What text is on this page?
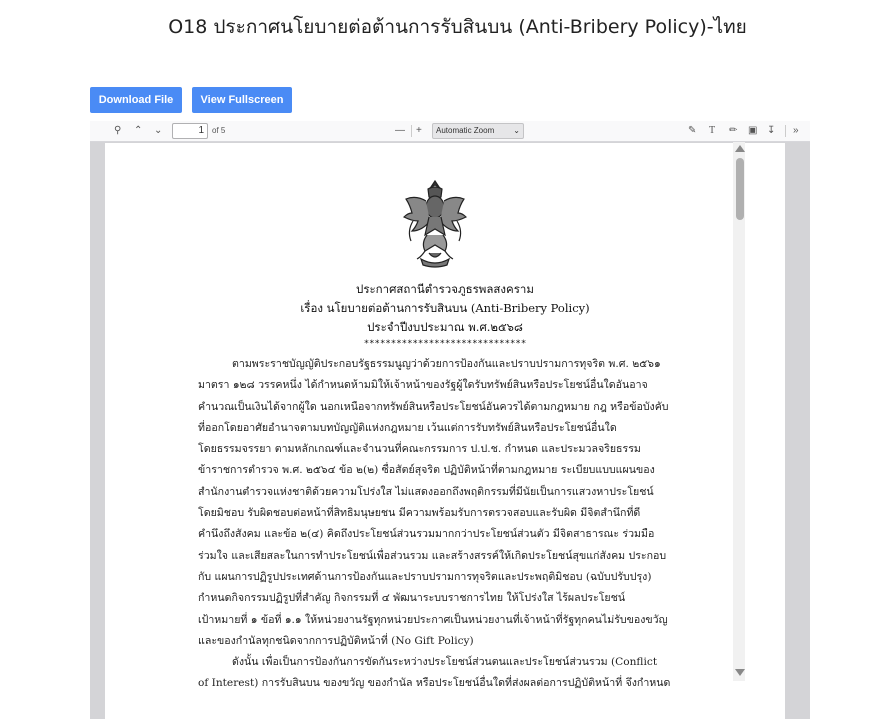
O18 ประกาศนโยบายต่อต้านการรับสินบน (Anti-Bribery Policy)-ไทย
Download File	View Fullscreen
⚲ ⌃ ⌄	1	of 5	— +	Automatic Zoom ⌄	✎ T ✏ ▣ ↧ »
ประกาศสถานีตำรวจภูธรพลสงคราม
เรื่อง นโยบายต่อต้านการรับสินบน (Anti-Bribery Policy)
ประจำปีงบประมาณ พ.ศ.๒๕๖๘
******************************
ตามพระราชบัญญัติประกอบรัฐธรรมนูญว่าด้วยการป้องกันและปราบปรามการทุจริต พ.ศ. ๒๕๖๑
มาตรา ๑๒๘ วรรคหนึ่ง ได้กำหนดห้ามมิให้เจ้าหน้าของรัฐผู้ใดรับทรัพย์สินหรือประโยชน์อื่นใดอันอาจ
คำนวณเป็นเงินได้จากผู้ใด นอกเหนือจากทรัพย์สินหรือประโยชน์อันควรได้ตามกฎหมาย กฎ หรือข้อบังคับ
ที่ออกโดยอาศัยอำนาจตามบทบัญญัติแห่งกฎหมาย เว้นแต่การรับทรัพย์สินหรือประโยชน์อื่นใด
โดยธรรมจรรยา ตามหลักเกณฑ์และจำนวนที่คณะกรรมการ ป.ป.ช. กำหนด และประมวลจริยธรรม
ข้าราชการตำรวจ พ.ศ. ๒๕๖๔ ข้อ ๒(๒) ซื่อสัตย์สุจริต ปฏิบัติหน้าที่ตามกฎหมาย ระเบียบแบบแผนของ
สำนักงานตำรวจแห่งชาติด้วยความโปร่งใส ไม่แสดงออกถึงพฤติกรรมที่มีนัยเป็นการแสวงหาประโยชน์
โดยมิชอบ รับผิดชอบต่อหน้าที่สิทธิมนุษยชน มีความพร้อมรับการตรวจสอบและรับผิด มีจิตสำนึกที่ดี
คำนึงถึงสังคม และข้อ ๒(๔) คิดถึงประโยชน์ส่วนรวมมากกว่าประโยชน์ส่วนตัว มีจิตสาธารณะ ร่วมมือ
ร่วมใจ และเสียสละในการทำประโยชน์เพื่อส่วนรวม และสร้างสรรค์ให้เกิดประโยชน์สุขแก่สังคม ประกอบ
กับ แผนการปฏิรูปประเทศด้านการป้องกันและปราบปรามการทุจริตและประพฤติมิชอบ (ฉบับปรับปรุง)
กำหนดกิจกรรมปฏิรูปที่สำคัญ กิจกรรมที่ ๔ พัฒนาระบบราชการไทย ให้โปร่งใส ไร้ผลประโยชน์
เป้าหมายที่ ๑ ข้อที่ ๑.๑ ให้หน่วยงานรัฐทุกหน่วยประกาศเป็นหน่วยงานที่เจ้าหน้าที่รัฐทุกคนไม่รับของขวัญ
และของกำนัลทุกชนิดจากการปฏิบัติหน้าที่ (No Gift Policy)
ดังนั้น เพื่อเป็นการป้องกันการขัดกันระหว่างประโยชน์ส่วนตนและประโยชน์ส่วนรวม (Conflict
of Interest) การรับสินบน ของขวัญ ของกำนัล หรือประโยชน์อื่นใดที่ส่งผลต่อการปฏิบัติหน้าที่ จึงกำหนด
